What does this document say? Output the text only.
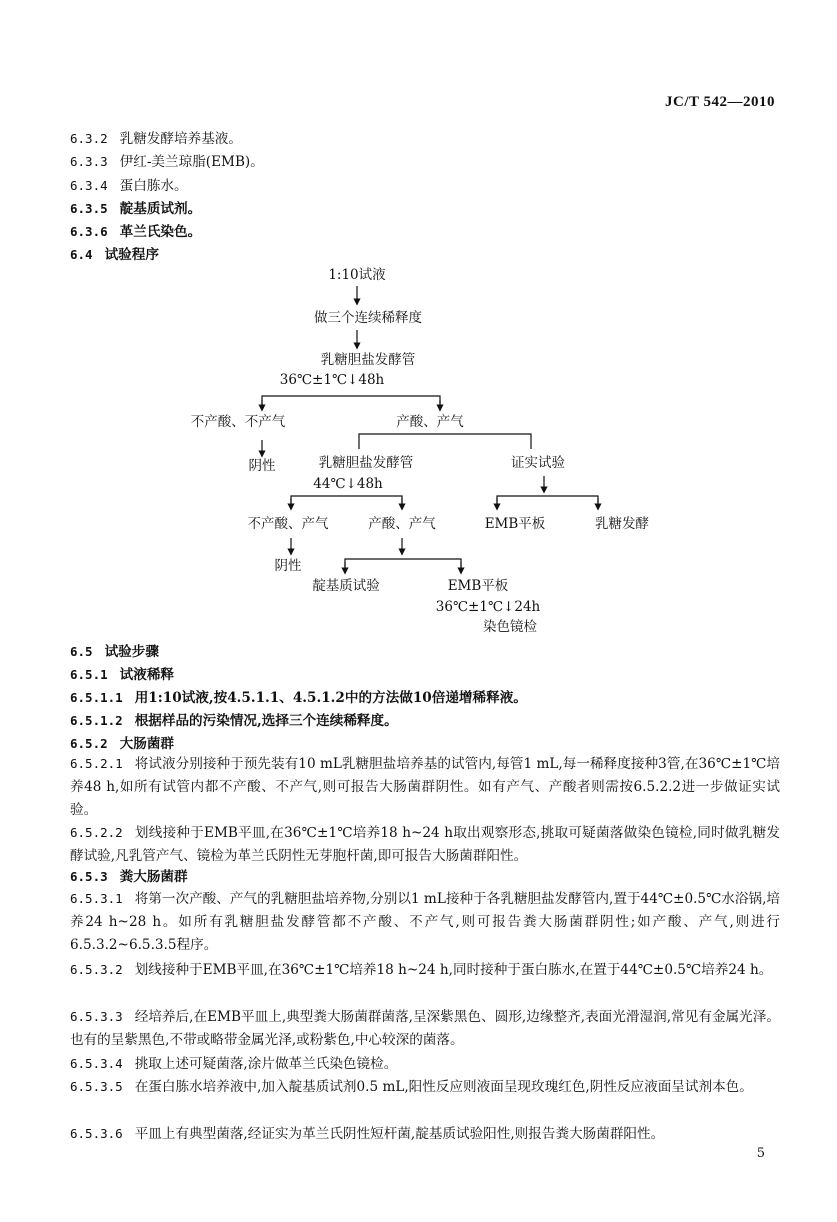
JC/T 542—2010
6.3.2 乳糖发酵培养基液。
6.3.3 伊红-美兰琼脂(EMB)。
6.3.4 蛋白胨水。
6.3.5 靛基质试剂。
6.3.6 革兰氏染色。
6.4 试验程序
1:10试液
做三个连续稀释度
乳糖胆盐发酵管
36℃±1℃↓48h
不产酸、不产气	产酸、产气
阴性	乳糖胆盐发酵管	证实试验
44℃↓48h
不产酸、产气	产酸、产气	EMB平板	乳糖发酵
阴性
靛基质试验	EMB平板
36℃±1℃↓24h
染色镜检
6.5 试验步骤
6.5.1 试液稀释
6.5.1.1 用1:10试液,按4.5.1.1、4.5.1.2中的方法做10倍递增稀释液。
6.5.1.2 根据样品的污染情况,选择三个连续稀释度。
6.5.2 大肠菌群
6.5.2.1 将试液分别接种于预先装有10 mL乳糖胆盐培养基的试管内,每管1 mL,每一稀释度接种3管,在36℃±1℃培养48 h,如所有试管内都不产酸、不产气,则可报告大肠菌群阴性。如有产气、产酸者则需按6.5.2.2进一步做证实试验。
6.5.2.2 划线接种于EMB平皿,在36℃±1℃培养18 h~24 h取出观察形态,挑取可疑菌落做染色镜检,同时做乳糖发酵试验,凡乳管产气、镜检为革兰氏阴性无芽胞杆菌,即可报告大肠菌群阳性。
6.5.3 粪大肠菌群
6.5.3.1 将第一次产酸、产气的乳糖胆盐培养物,分别以1 mL接种于各乳糖胆盐发酵管内,置于44℃±0.5℃水浴锅,培养24 h~28 h。如所有乳糖胆盐发酵管都不产酸、不产气,则可报告粪大肠菌群阴性;如产酸、产气,则进行6.5.3.2~6.5.3.5程序。
6.5.3.2 划线接种于EMB平皿,在36℃±1℃培养18 h~24 h,同时接种于蛋白胨水,在置于44℃±0.5℃培养24 h。
6.5.3.3 经培养后,在EMB平皿上,典型粪大肠菌群菌落,呈深紫黑色、圆形,边缘整齐,表面光滑湿润,常见有金属光泽。也有的呈紫黑色,不带或略带金属光泽,或粉紫色,中心较深的菌落。
6.5.3.4 挑取上述可疑菌落,涂片做革兰氏染色镜检。
6.5.3.5 在蛋白胨水培养液中,加入靛基质试剂0.5 mL,阳性反应则液面呈现玫瑰红色,阴性反应液面呈试剂本色。
6.5.3.6 平皿上有典型菌落,经证实为革兰氏阴性短杆菌,靛基质试验阳性,则报告粪大肠菌群阳性。
5
